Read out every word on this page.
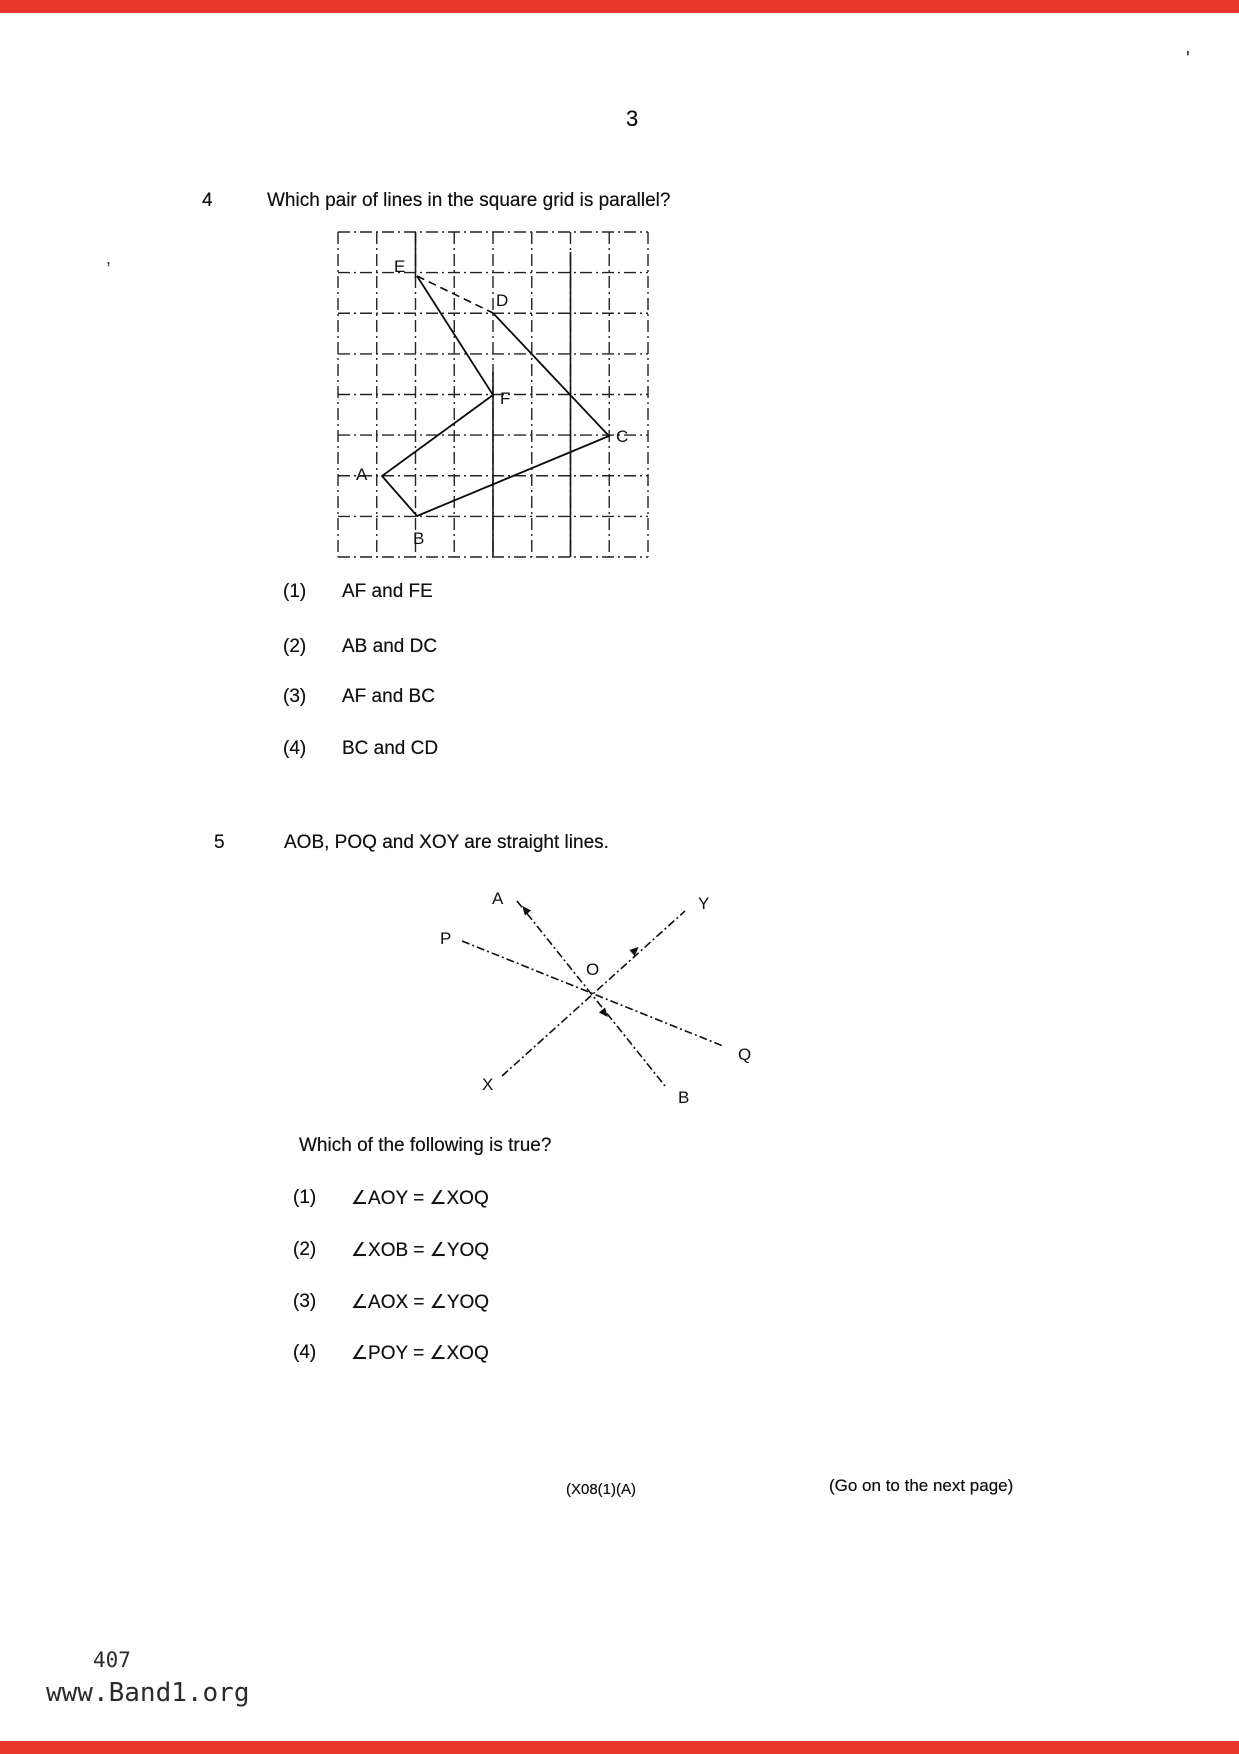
3
'
,
4	Which pair of lines in the square grid is parallel?
E
D
F
C
A
B
(1) AF and FE
(2) AB and DC
(3) AF and BC
(4) BC and CD
5	AOB, POQ and XOY are straight lines.
A	Y
P
O
Q
X
B
Which of the following is true?
(1) ∠AOY = ∠XOQ
(2) ∠XOB = ∠YOQ
(3) ∠AOX = ∠YOQ
(4) ∠POY = ∠XOQ
(X08(1)(A)	(Go on to the next page)
407
www.Band1.org
